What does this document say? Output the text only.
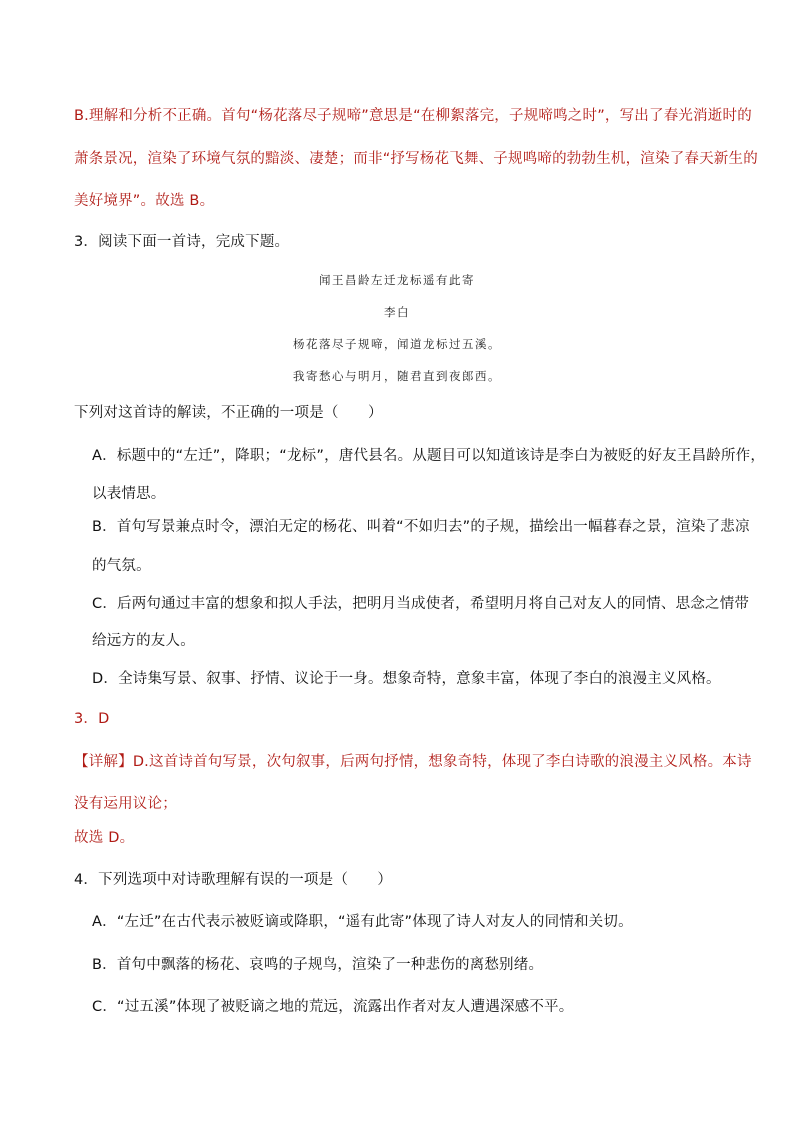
B.理解和分析不正确。首句“杨花落尽子规啼”意思是“在柳絮落完，子规啼鸣之时”，写出了春光消逝时的
萧条景况，渲染了环境气氛的黯淡、凄楚；而非“抒写杨花飞舞、子规鸣啼的勃勃生机，渲染了春天新生的
美好境界”。故选 B。
3．阅读下面一首诗，完成下题。
闻王昌龄左迁龙标遥有此寄
李白
杨花落尽子规啼，闻道龙标过五溪。
我寄愁心与明月，随君直到夜郎西。
下列对这首诗的解读，不正确的一项是（　　）
A．标题中的“左迁”，降职；“龙标”，唐代县名。从题目可以知道该诗是李白为被贬的好友王昌龄所作，
以表情思。
B．首句写景兼点时令，漂泊无定的杨花、叫着“不如归去”的子规，描绘出一幅暮春之景，渲染了悲凉
的气氛。
C．后两句通过丰富的想象和拟人手法，把明月当成使者，希望明月将自己对友人的同情、思念之情带
给远方的友人。
D．全诗集写景、叙事、抒情、议论于一身。想象奇特，意象丰富，体现了李白的浪漫主义风格。
3．D
【详解】D.这首诗首句写景，次句叙事，后两句抒情，想象奇特，体现了李白诗歌的浪漫主义风格。本诗
没有运用议论；
故选 D。
4．下列选项中对诗歌理解有误的一项是（　　）
A．“左迁”在古代表示被贬谪或降职，“遥有此寄”体现了诗人对友人的同情和关切。
B．首句中飘落的杨花、哀鸣的子规鸟，渲染了一种悲伤的离愁别绪。
C．“过五溪”体现了被贬谪之地的荒远，流露出作者对友人遭遇深感不平。
